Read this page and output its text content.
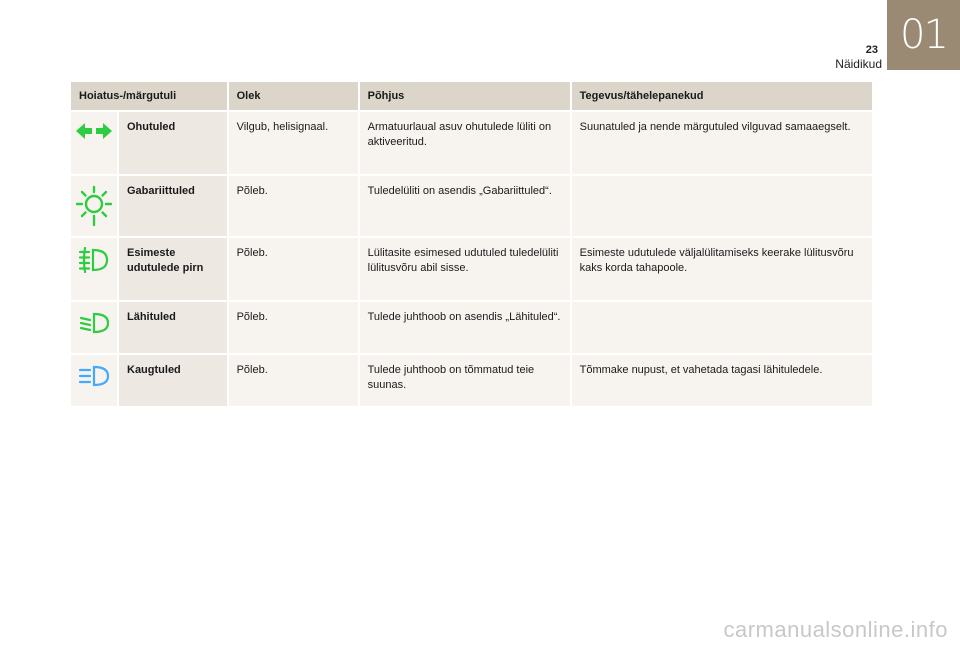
23
Näidikud
01
Hoiatus-/märgutuli		Olek	Põhjus	Tegevus/tähelepanekud
	Ohutuled	Vilgub, helisignaal.	Armatuurlaual asuv ohutulede lüliti on aktiveeritud.	Suunatuled ja nende märgutuled vilguvad samaaegselt.
	Gabariittuled	Põleb.	Tuledelüliti on asendis „Gabariittuled“.	
	Esimeste udutulede pirn	Põleb.	Lülitasite esimesed udutuled tuledelüliti lülitusvõru abil sisse.	Esimeste udutulede väljalülitamiseks keerake lülitusvõru kaks korda tahapoole.
	Lähituled	Põleb.	Tulede juhthoob on asendis „Lähituled“.	
	Kaugtuled	Põleb.	Tulede juhthoob on tõmmatud teie suunas.	Tõmmake nupust, et vahetada tagasi lähituledele.
carmanualsonline.info
